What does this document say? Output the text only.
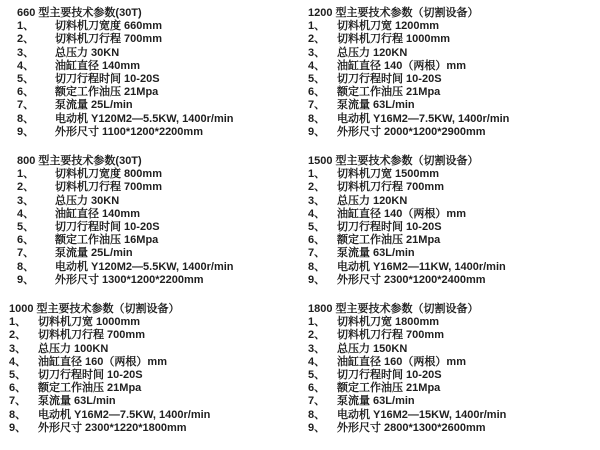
660 型主要技术参数(30T)
1、	切料机刀宽度 660mm
2、	切料机刀行程 700mm
3、	总压力 30KN
4、	油缸直径 140mm
5、	切刀行程时间 10-20S
6、	额定工作油压 21Mpa
7、	泵流量 25L/min
8、	电动机 Y120M2—5.5KW, 1400r/min
9、	外形尺寸 1100*1200*2200mm
800 型主要技术参数(30T)
1、	切料机刀宽度 800mm
2、	切料机刀行程 700mm
3、	总压力 30KN
4、	油缸直径 140mm
5、	切刀行程时间 10-20S
6、	额定工作油压 16Mpa
7、	泵流量 25L/min
8、	电动机 Y120M2—5.5KW, 1400r/min
9、	外形尺寸 1300*1200*2200mm
1000 型主要技术参数（切割设备）
1、	切料机刀宽 1000mm
2、	切料机刀行程 700mm
3、	总压力 100KN
4、	油缸直径 160（两根）mm
5、	切刀行程时间 10-20S
6、	额定工作油压 21Mpa
7、	泵流量 63L/min
8、	电动机 Y16M2—7.5KW, 1400r/min
9、	外形尺寸 2300*1220*1800mm
1200 型主要技术参数（切割设备）
1、	切料机刀宽 1200mm
2、	切料机刀行程 1000mm
3、	总压力 120KN
4、	油缸直径 140（两根）mm
5、	切刀行程时间 10-20S
6、	额定工作油压 21Mpa
7、	泵流量 63L/min
8、	电动机 Y16M2—7.5KW, 1400r/min
9、	外形尺寸 2000*1200*2900mm
1500 型主要技术参数（切割设备）
1、	切料机刀宽 1500mm
2、	切料机刀行程 700mm
3、	总压力 120KN
4、	油缸直径 140（两根）mm
5、	切刀行程时间 10-20S
6、	额定工作油压 21Mpa
7、	泵流量 63L/min
8、	电动机 Y16M2—11KW, 1400r/min
9、	外形尺寸 2300*1200*2400mm
1800 型主要技术参数（切割设备）
1、	切料机刀宽 1800mm
2、	切料机刀行程 700mm
3、	总压力 150KN
4、	油缸直径 160（两根）mm
5、	切刀行程时间 10-20S
6、	额定工作油压 21Mpa
7、	泵流量 63L/min
8、	电动机 Y16M2—15KW, 1400r/min
9、	外形尺寸 2800*1300*2600mm
